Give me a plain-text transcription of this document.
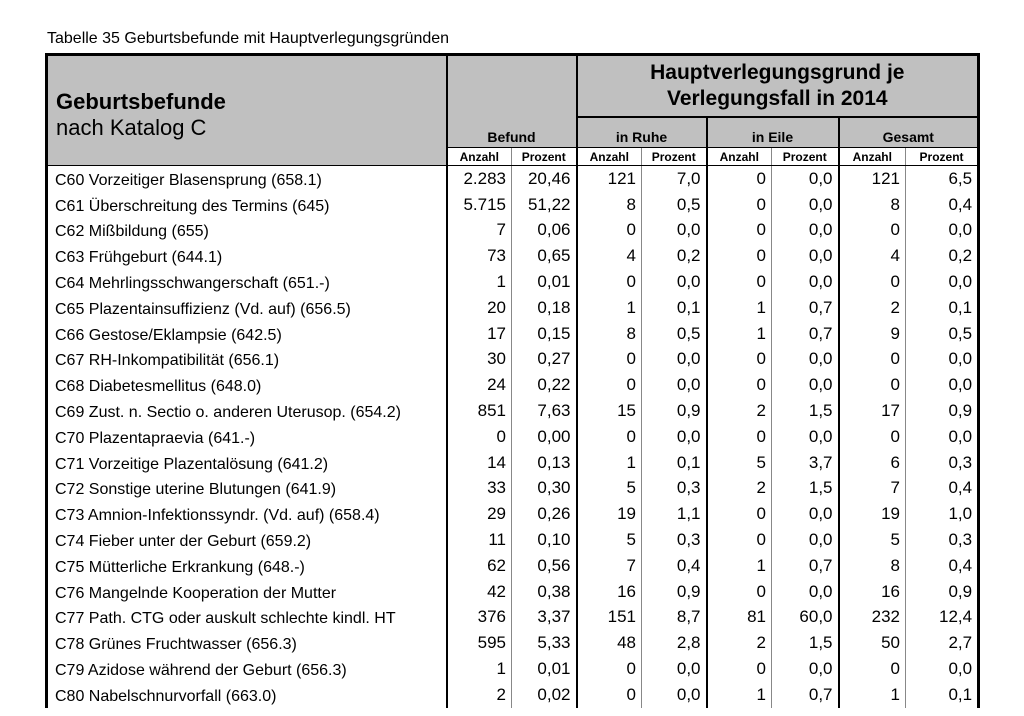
Tabelle 35 Geburtsbefunde mit Hauptverlegungsgründen
Geburtsbefunde
nach Katalog C			Hauptverlegungsgrund je
Verlegungsfall in 2014					
	Befund		in Ruhe		in Eile		Gesamt	
	Anzahl	Prozent	Anzahl	Prozent	Anzahl	Prozent	Anzahl	Prozent
C60 Vorzeitiger Blasensprung (658.1)	2.283	20,46	121	7,0	0	0,0	121	6,5
C61 Überschreitung des Termins (645)	5.715	51,22	8	0,5	0	0,0	8	0,4
C62 Mißbildung (655)	7	0,06	0	0,0	0	0,0	0	0,0
C63 Frühgeburt (644.1)	73	0,65	4	0,2	0	0,0	4	0,2
C64 Mehrlingsschwangerschaft (651.-)	1	0,01	0	0,0	0	0,0	0	0,0
C65 Plazentainsuffizienz (Vd. auf) (656.5)	20	0,18	1	0,1	1	0,7	2	0,1
C66 Gestose/Eklampsie (642.5)	17	0,15	8	0,5	1	0,7	9	0,5
C67 RH-Inkompatibilität (656.1)	30	0,27	0	0,0	0	0,0	0	0,0
C68 Diabetesmellitus (648.0)	24	0,22	0	0,0	0	0,0	0	0,0
C69 Zust. n. Sectio o. anderen Uterusop. (654.2)	851	7,63	15	0,9	2	1,5	17	0,9
C70 Plazentapraevia (641.-)	0	0,00	0	0,0	0	0,0	0	0,0
C71 Vorzeitige Plazentalösung (641.2)	14	0,13	1	0,1	5	3,7	6	0,3
C72 Sonstige uterine Blutungen (641.9)	33	0,30	5	0,3	2	1,5	7	0,4
C73 Amnion-Infektionssyndr. (Vd. auf) (658.4)	29	0,26	19	1,1	0	0,0	19	1,0
C74 Fieber unter der Geburt (659.2)	11	0,10	5	0,3	0	0,0	5	0,3
C75 Mütterliche Erkrankung (648.-)	62	0,56	7	0,4	1	0,7	8	0,4
C76 Mangelnde Kooperation der Mutter	42	0,38	16	0,9	0	0,0	16	0,9
C77 Path. CTG oder auskult schlechte kindl. HT	376	3,37	151	8,7	81	60,0	232	12,4
C78 Grünes Fruchtwasser (656.3)	595	5,33	48	2,8	2	1,5	50	2,7
C79 Azidose während der Geburt (656.3)	1	0,01	0	0,0	0	0,0	0	0,0
C80 Nabelschnurvorfall (663.0)	2	0,02	0	0,0	1	0,7	1	0,1
